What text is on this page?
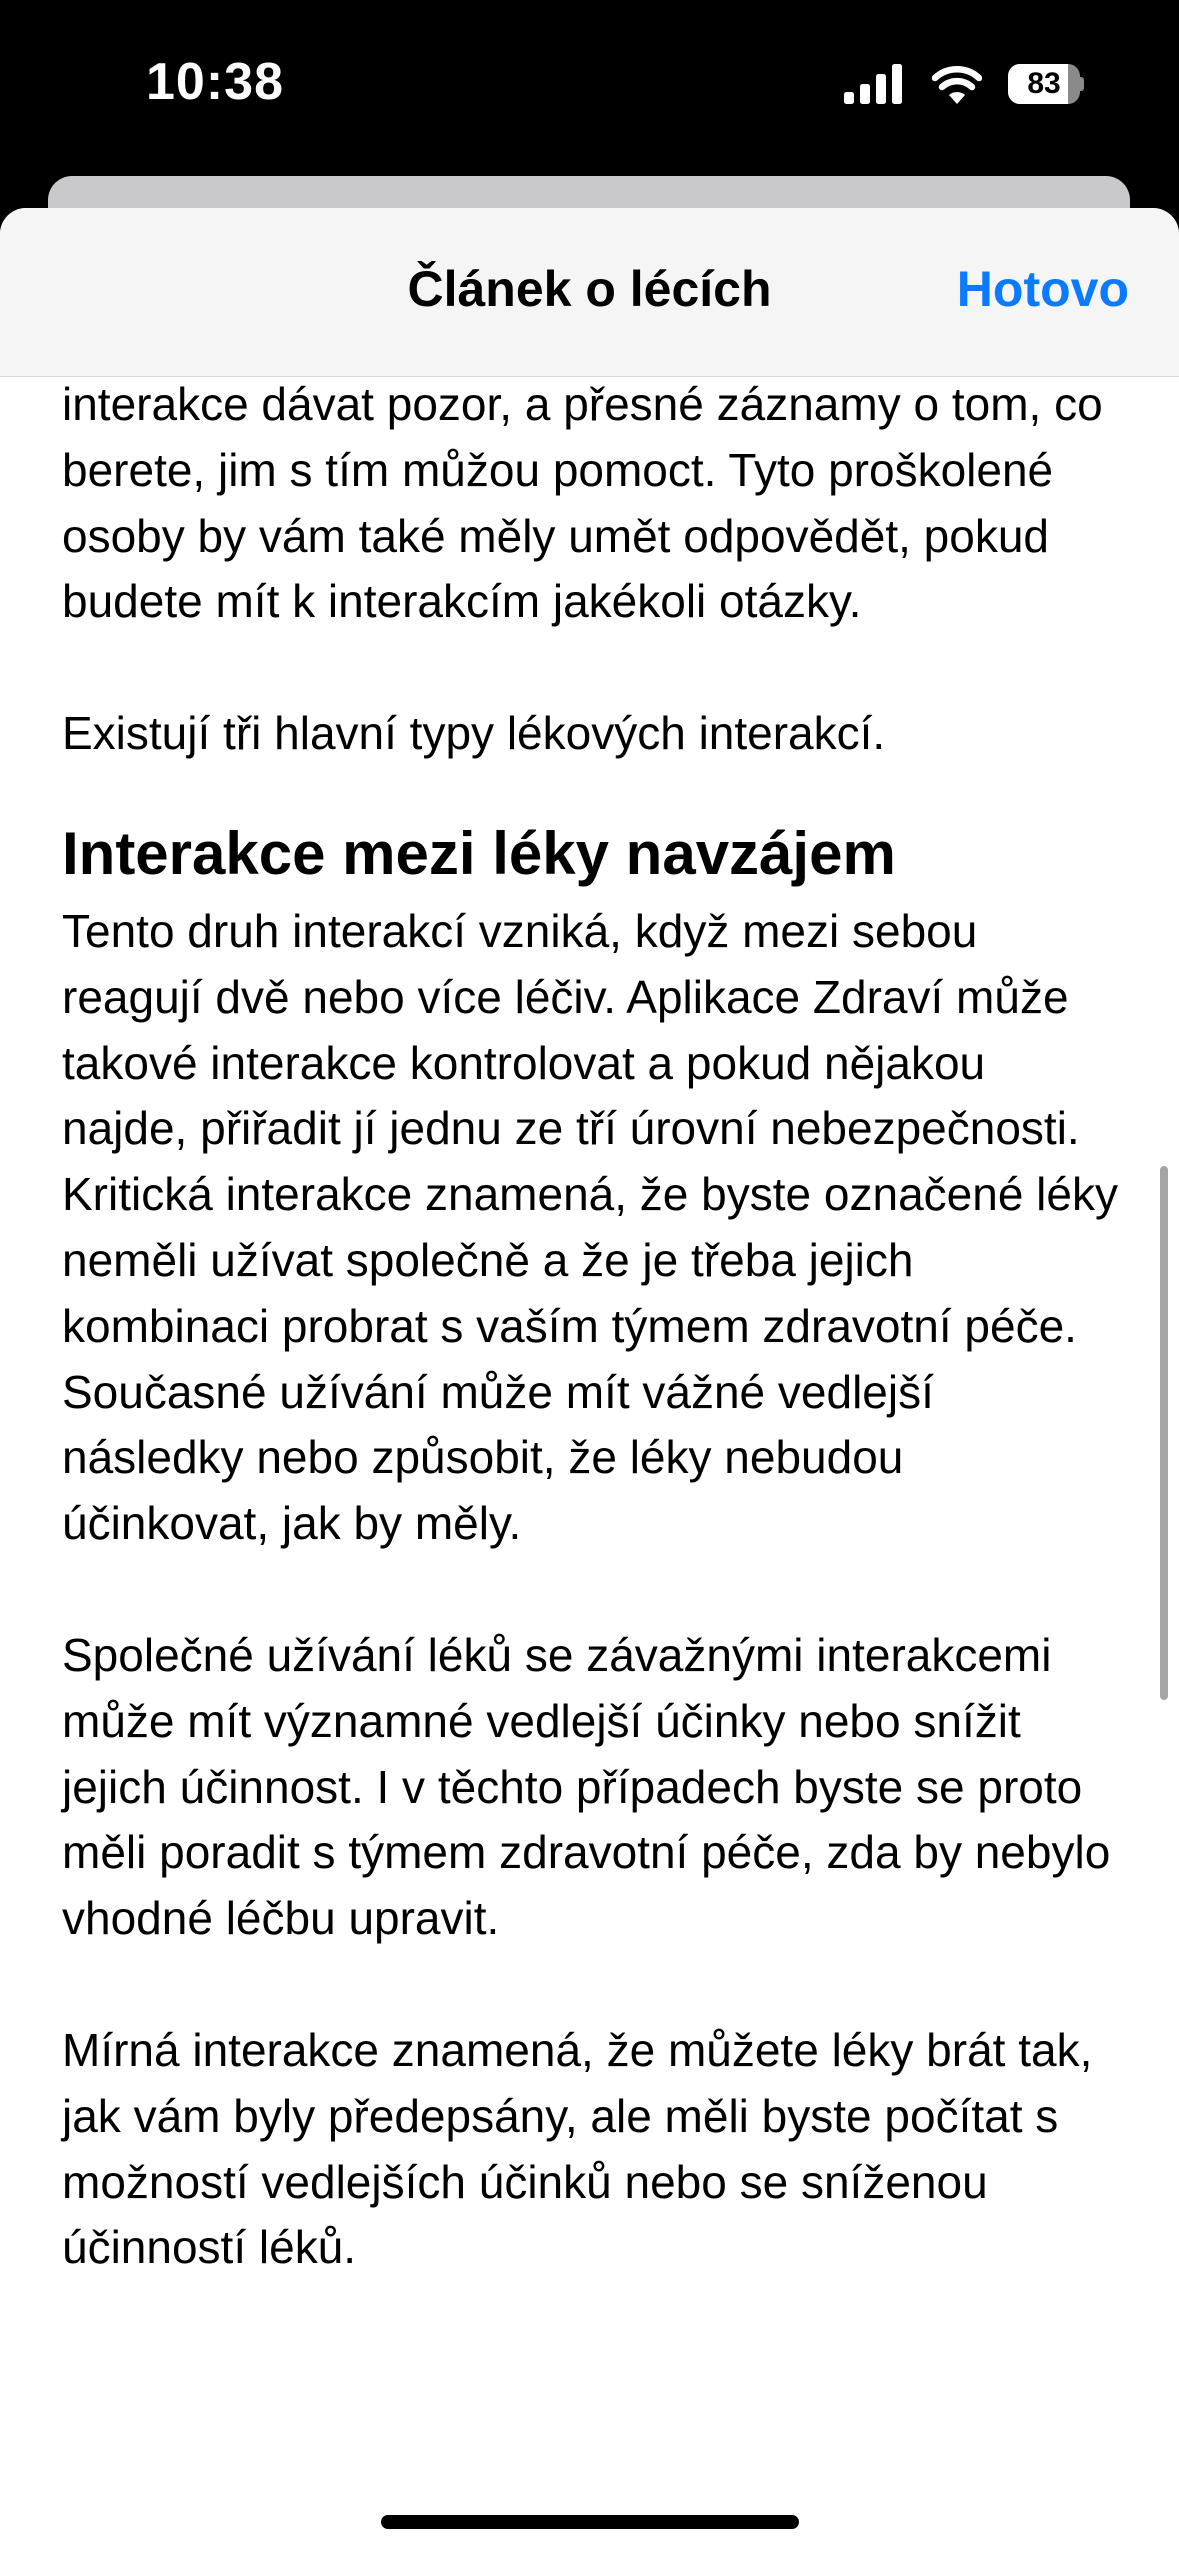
10:38	83
Článek o lécích	Hotovo

interakce dávat pozor, a přesné záznamy o tom, co berete, jim s tím můžou pomoct. Tyto proškolené osoby by vám také měly umět odpovědět, pokud budete mít k interakcím jakékoli otázky.

Existují tři hlavní typy lékových interakcí.

Interakce mezi léky navzájem

Tento druh interakcí vzniká, když mezi sebou reagují dvě nebo více léčiv. Aplikace Zdraví může takové interakce kontrolovat a pokud nějakou najde, přiřadit jí jednu ze tří úrovní nebezpečnosti. Kritická interakce znamená, že byste označené léky neměli užívat společně a že je třeba jejich kombinaci probrat s vaším týmem zdravotní péče. Současné užívání může mít vážné vedlejší následky nebo způsobit, že léky nebudou účinkovat, jak by měly.

Společné užívání léků se závažnými interakcemi může mít významné vedlejší účinky nebo snížit jejich účinnost. I v těchto případech byste se proto měli poradit s týmem zdravotní péče, zda by nebylo vhodné léčbu upravit.

Mírná interakce znamená, že můžete léky brát tak, jak vám byly předepsány, ale měli byste počítat s možností vedlejších účinků nebo se sníženou účinností léků.
